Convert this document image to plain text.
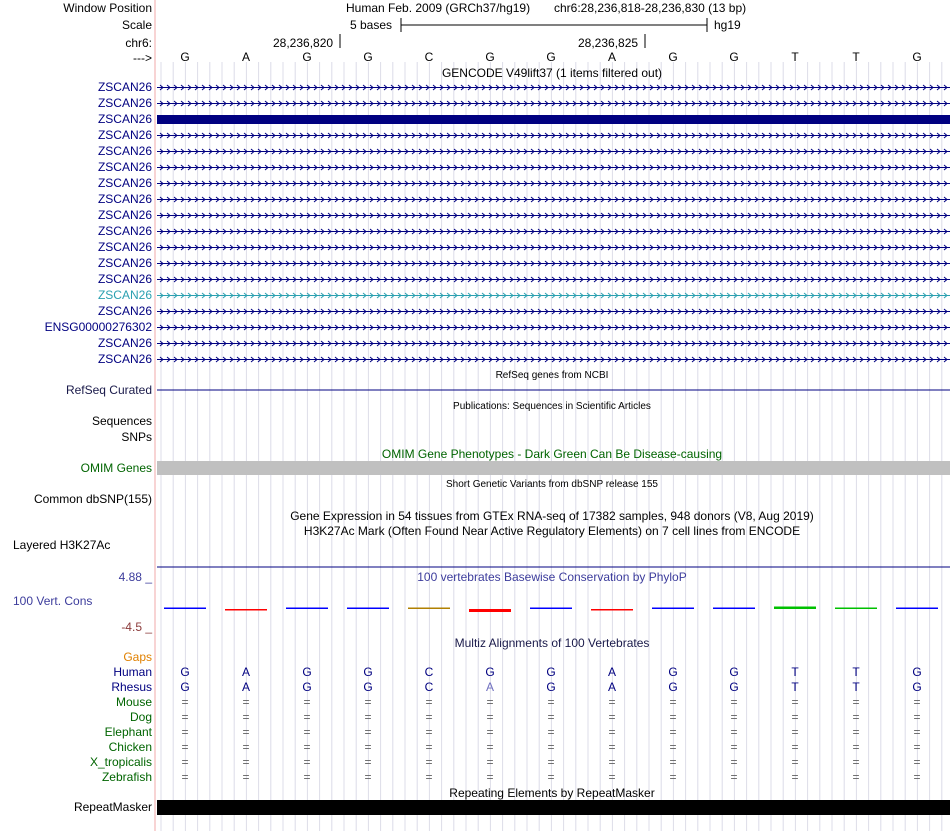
Window Position	Human Feb. 2009 (GRCh37/hg19) chr6:28,236,818-28,236,830 (13 bp)
Scale	5 bases	hg19
chr6:	28,236,820	28,236,825
---> G	A	G	G	C	G	G	A	G	G	T	T	G
GENCODE V49lift37 (1 items filtered out)
ZSCAN26
ZSCAN26
ZSCAN26
ZSCAN26
ZSCAN26
ZSCAN26
ZSCAN26
ZSCAN26
ZSCAN26
ZSCAN26
ZSCAN26
ZSCAN26
ZSCAN26
ZSCAN26
ZSCAN26
ENSG00000276302
ZSCAN26
ZSCAN26
RefSeq genes from NCBI
RefSeq Curated
Publications: Sequences in Scientific Articles
Sequences
SNPs
OMIM Gene Phenotypes - Dark Green Can Be Disease-causing
OMIM Genes
Short Genetic Variants from dbSNP release 155
Common dbSNP(155)
Gene Expression in 54 tissues from GTEx RNA-seq of 17382 samples, 948 donors (V8, Aug 2019)
H3K27Ac Mark (Often Found Near Active Regulatory Elements) on 7 cell lines from ENCODE
Layered H3K27Ac
100 vertebrates Basewise Conservation by PhyloP
4.88 _
100 Vert. Cons
-4.5 _
Multiz Alignments of 100 Vertebrates
Gaps
Human G	A	G	G	C	G	G	A	G	G	T	T	G
Rhesus G	A	G	G	C	A	G	A	G	G	T	T	G
Mouse =	=	=	=	=	=	=	=	=	=	=	=	=
Dog =	=	=	=	=	=	=	=	=	=	=	=	=
Elephant =	=	=	=	=	=	=	=	=	=	=	=	=
Chicken =	=	=	=	=	=	=	=	=	=	=	=	=
X_tropicalis =	=	=	=	=	=	=	=	=	=	=	=	=
Zebrafish =	=	=	=	=	=	=	=	=	=	=	=	=
Repeating Elements by RepeatMasker
RepeatMasker
